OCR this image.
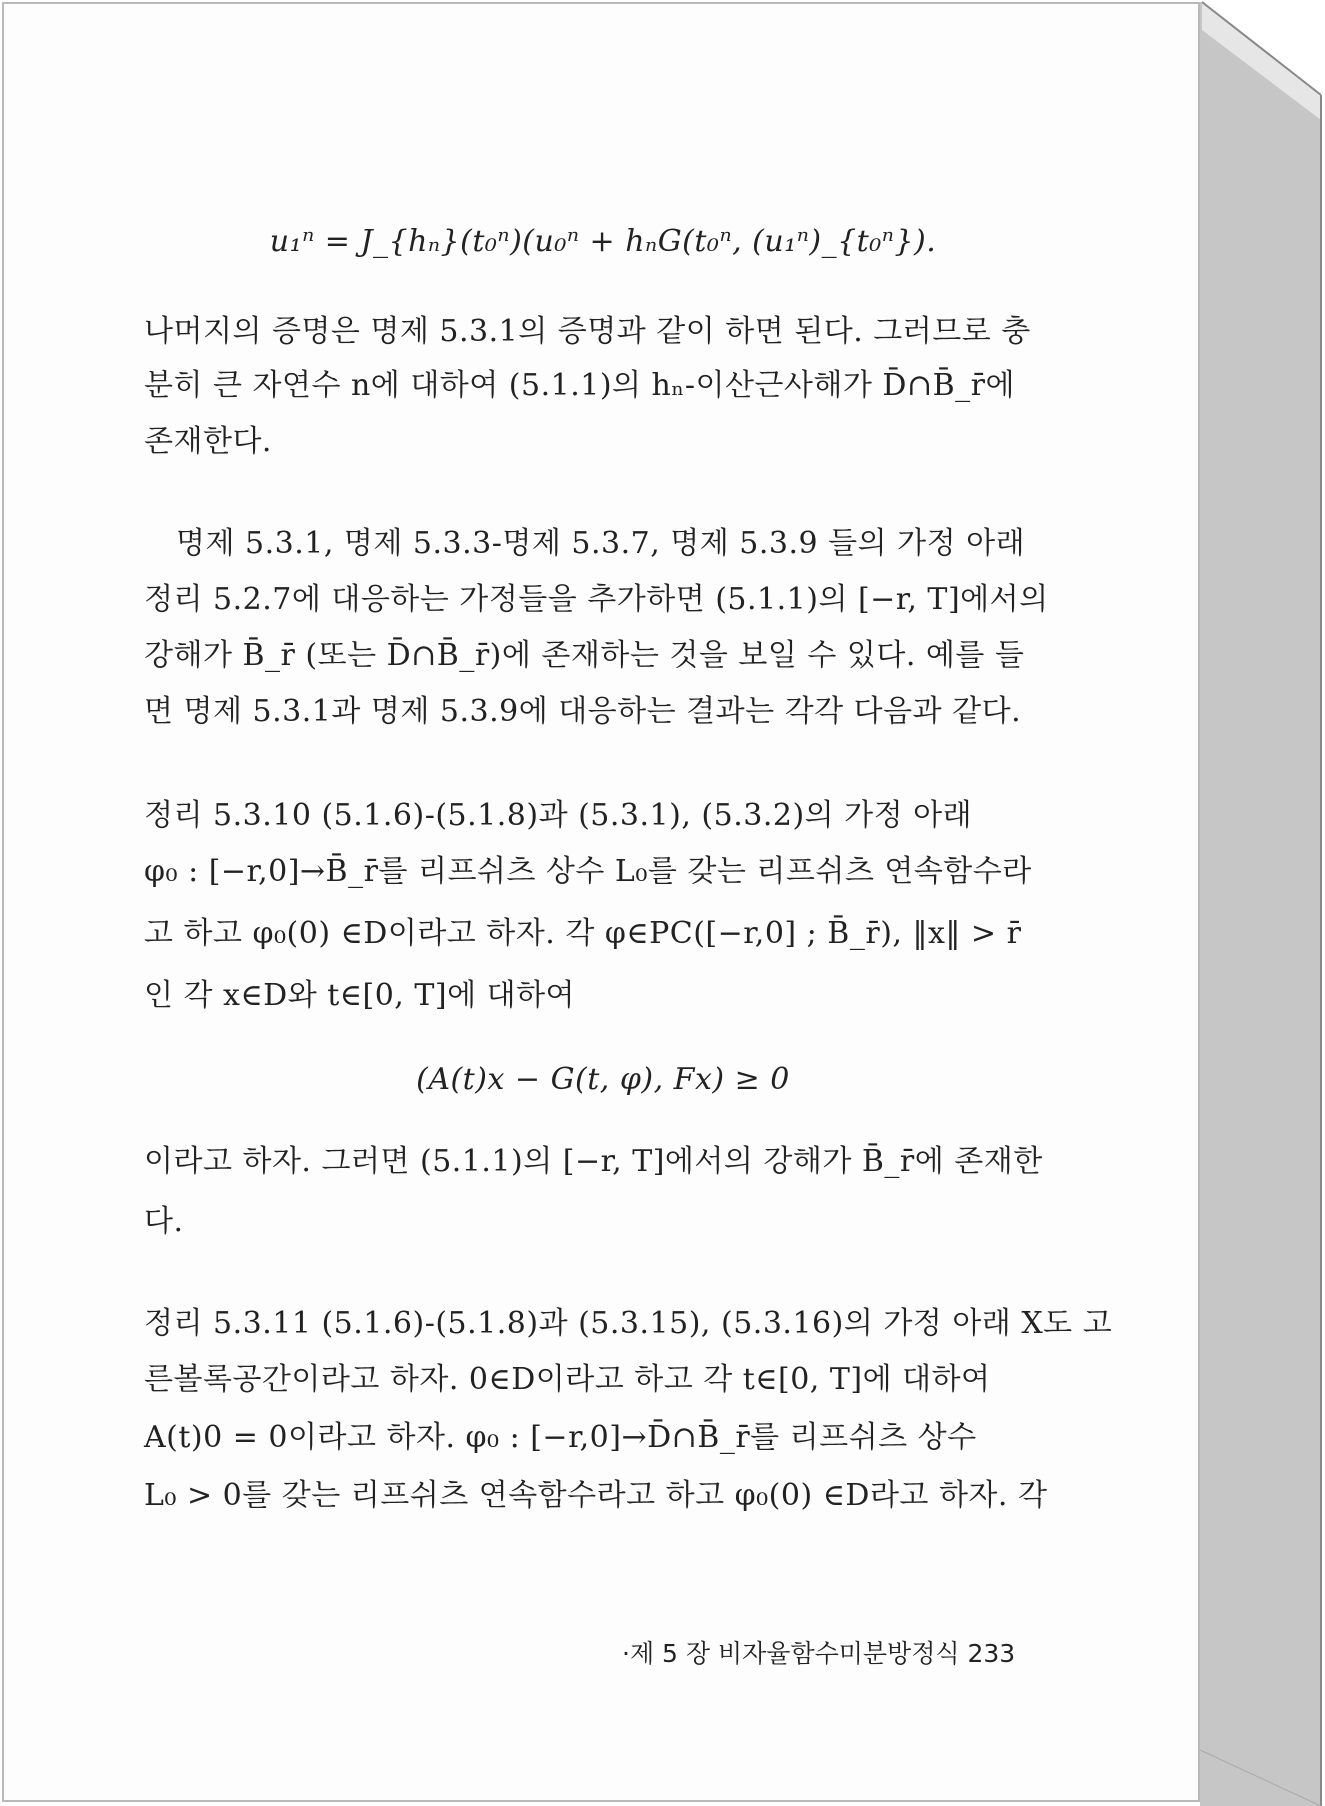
u₁ⁿ = J_{hₙ}(t₀ⁿ)(u₀ⁿ + hₙG(t₀ⁿ, (u₁ⁿ)_{t₀ⁿ}).
나머지의 증명은 명제 5.3.1의 증명과 같이 하면 된다. 그러므로 충
분히 큰 자연수 n에 대하여 (5.1.1)의 hₙ-이산근사해가 D̄∩B̄_r̄에
존재한다.
명제 5.3.1, 명제 5.3.3-명제 5.3.7, 명제 5.3.9 들의 가정 아래
정리 5.2.7에 대응하는 가정들을 추가하면 (5.1.1)의 [−r, T]에서의
강해가 B̄_r̄ (또는 D̄∩B̄_r̄)에 존재하는 것을 보일 수 있다. 예를 들
면 명제 5.3.1과 명제 5.3.9에 대응하는 결과는 각각 다음과 같다.
정리 5.3.10 (5.1.6)-(5.1.8)과 (5.3.1), (5.3.2)의 가정 아래
φ₀ : [−r,0]→B̄_r̄를 리프쉬츠 상수 L₀를 갖는 리프쉬츠 연속함수라
고 하고 φ₀(0) ∈D이라고 하자. 각 φ∈PC([−r,0] ; B̄_r̄), ‖x‖ > r̄
인 각 x∈D와 t∈[0, T]에 대하여
(A(t)x − G(t, φ), Fx) ≥ 0
이라고 하자. 그러면 (5.1.1)의 [−r, T]에서의 강해가 B̄_r̄에 존재한
다.
정리 5.3.11 (5.1.6)-(5.1.8)과 (5.3.15), (5.3.16)의 가정 아래 X도 고
른볼록공간이라고 하자. 0∈D이라고 하고 각 t∈[0, T]에 대하여
A(t)0 = 0이라고 하자. φ₀ : [−r,0]→D̄∩B̄_r̄를 리프쉬츠 상수
L₀ > 0를 갖는 리프쉬츠 연속함수라고 하고 φ₀(0) ∈D라고 하자. 각
·제 5 장 비자율함수미분방정식 233
